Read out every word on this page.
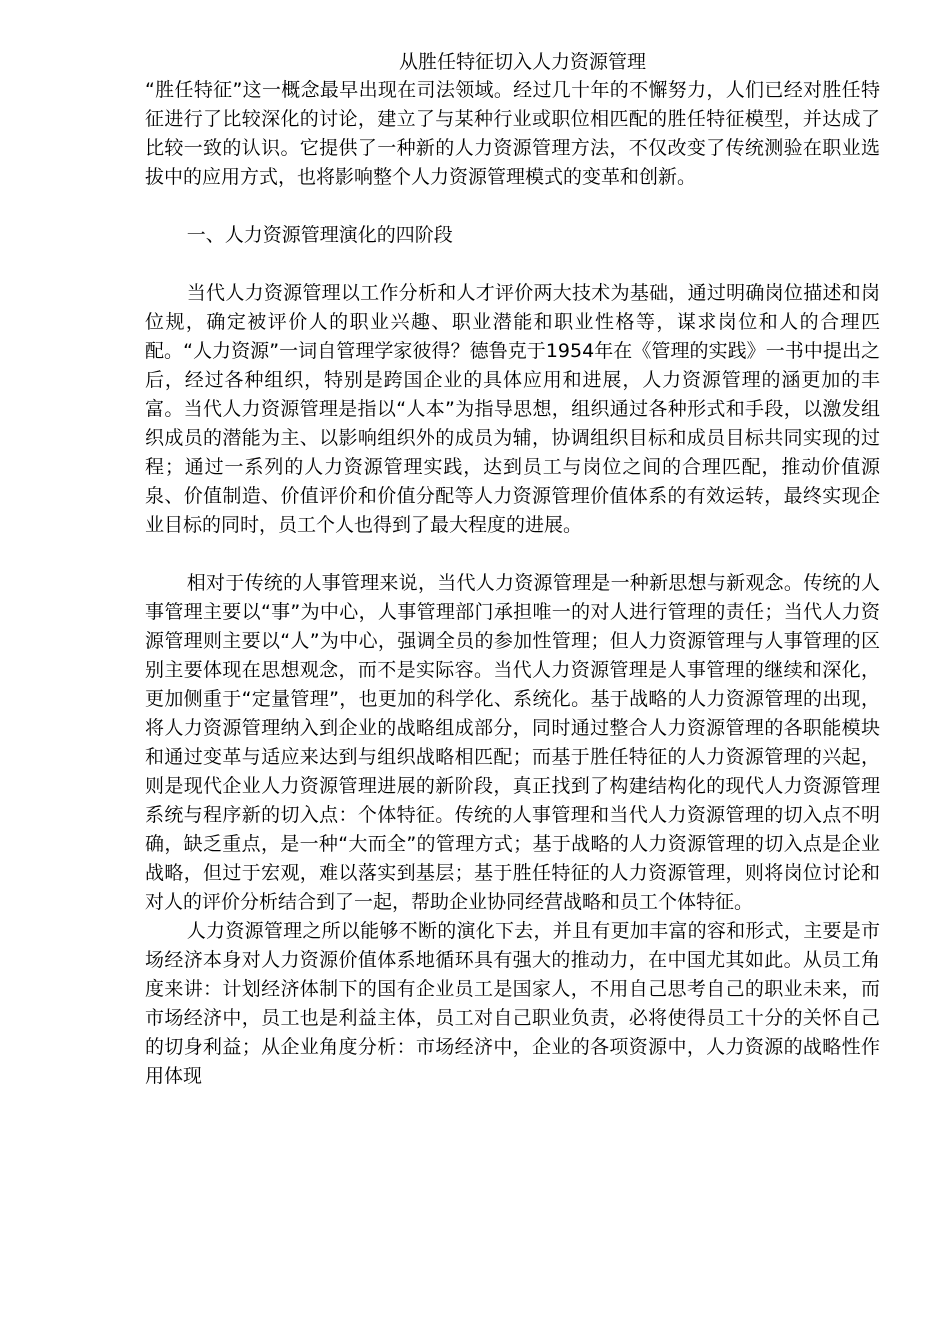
从胜任特征切入人力资源管理

“胜任特征”这一概念最早出现在司法领域。经过几十年的不懈努力，人们已经对胜任特征进行了比较深化的讨论，建立了与某种行业或职位相匹配的胜任特征模型，并达成了比较一致的认识。它提供了一种新的人力资源管理方法，不仅改变了传统测验在职业选拔中的应用方式，也将影响整个人力资源管理模式的变革和创新。

一、人力资源管理演化的四阶段

当代人力资源管理以工作分析和人才评价两大技术为基础，通过明确岗位描述和岗位规，确定被评价人的职业兴趣、职业潜能和职业性格等，谋求岗位和人的合理匹配。“人力资源”一词自管理学家彼得？德鲁克于1954年在《管理的实践》一书中提出之后，经过各种组织，特别是跨国企业的具体应用和进展，人力资源管理的涵更加的丰富。当代人力资源管理是指以“人本”为指导思想，组织通过各种形式和手段，以激发组织成员的潜能为主、以影响组织外的成员为辅，协调组织目标和成员目标共同实现的过程；通过一系列的人力资源管理实践，达到员工与岗位之间的合理匹配，推动价值源泉、价值制造、价值评价和价值分配等人力资源管理价值体系的有效运转，最终实现企业目标的同时，员工个人也得到了最大程度的进展。

相对于传统的人事管理来说，当代人力资源管理是一种新思想与新观念。传统的人事管理主要以“事”为中心，人事管理部门承担唯一的对人进行管理的责任；当代人力资源管理则主要以“人”为中心，强调全员的参加性管理；但人力资源管理与人事管理的区别主要体现在思想观念，而不是实际容。当代人力资源管理是人事管理的继续和深化，更加侧重于“定量管理”，也更加的科学化、系统化。基于战略的人力资源管理的出现，将人力资源管理纳入到企业的战略组成部分，同时通过整合人力资源管理的各职能模块和通过变革与适应来达到与组织战略相匹配；而基于胜任特征的人力资源管理的兴起，则是现代企业人力资源管理进展的新阶段，真正找到了构建结构化的现代人力资源管理系统与程序新的切入点：个体特征。传统的人事管理和当代人力资源管理的切入点不明确，缺乏重点，是一种“大而全”的管理方式；基于战略的人力资源管理的切入点是企业战略，但过于宏观，难以落实到基层；基于胜任特征的人力资源管理，则将岗位讨论和对人的评价分析结合到了一起，帮助企业协同经营战略和员工个体特征。

人力资源管理之所以能够不断的演化下去，并且有更加丰富的容和形式，主要是市场经济本身对人力资源价值体系地循环具有强大的推动力，在中国尤其如此。从员工角度来讲：计划经济体制下的国有企业员工是国家人，不用自己思考自己的职业未来，而市场经济中，员工也是利益主体，员工对自己职业负责，必将使得员工十分的关怀自己的切身利益；从企业角度分析：市场经济中，企业的各项资源中，人力资源的战略性作用体现
